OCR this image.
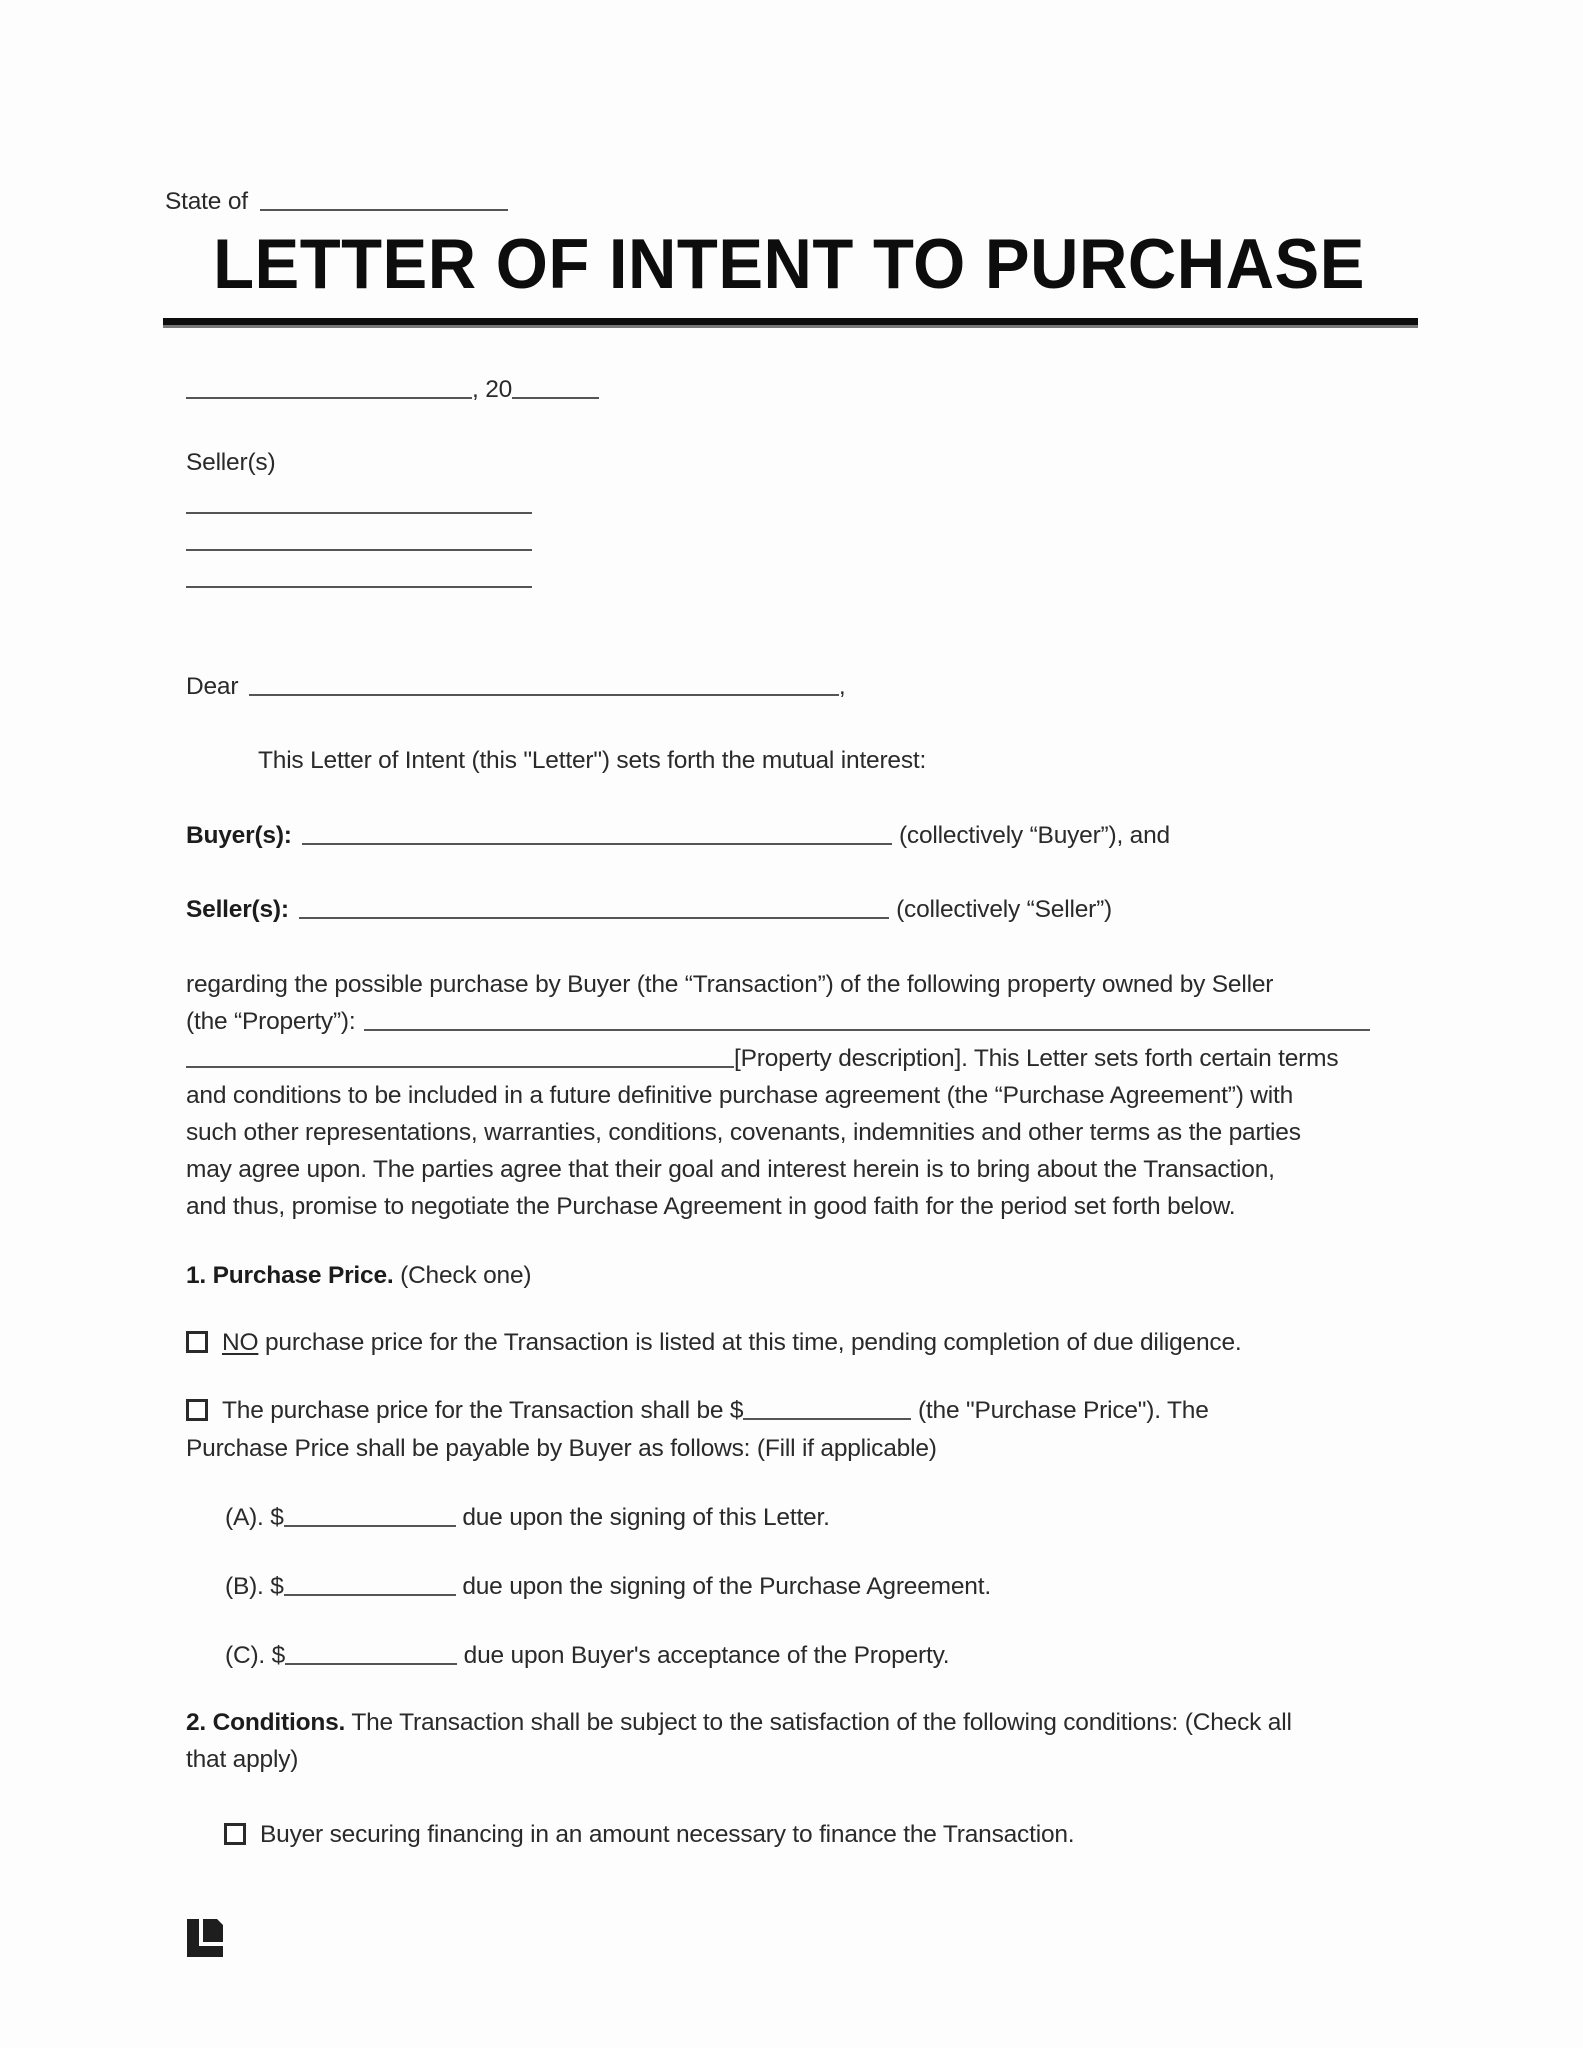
State of
LETTER OF INTENT TO PURCHASE
, 20
Seller(s)
Dear	,
This Letter of Intent (this "Letter") sets forth the mutual interest:
Buyer(s):	(collectively “Buyer”), and
Seller(s):	(collectively “Seller”)
regarding the possible purchase by Buyer (the “Transaction”) of the following property owned by Seller
(the “Property”):
[Property description]. This Letter sets forth certain terms
and conditions to be included in a future definitive purchase agreement (the “Purchase Agreement”) with
such other representations, warranties, conditions, covenants, indemnities and other terms as the parties
may agree upon. The parties agree that their goal and interest herein is to bring about the Transaction,
and thus, promise to negotiate the Purchase Agreement in good faith for the period set forth below.
1. Purchase Price. (Check one)
NO purchase price for the Transaction is listed at this time, pending completion of due diligence.
The purchase price for the Transaction shall be $	(the "Purchase Price"). The
Purchase Price shall be payable by Buyer as follows: (Fill if applicable)
(A). $	due upon the signing of this Letter.
(B). $	due upon the signing of the Purchase Agreement.
(C). $	due upon Buyer's acceptance of the Property.
2. Conditions. The Transaction shall be subject to the satisfaction of the following conditions: (Check all
that apply)
Buyer securing financing in an amount necessary to finance the Transaction.
